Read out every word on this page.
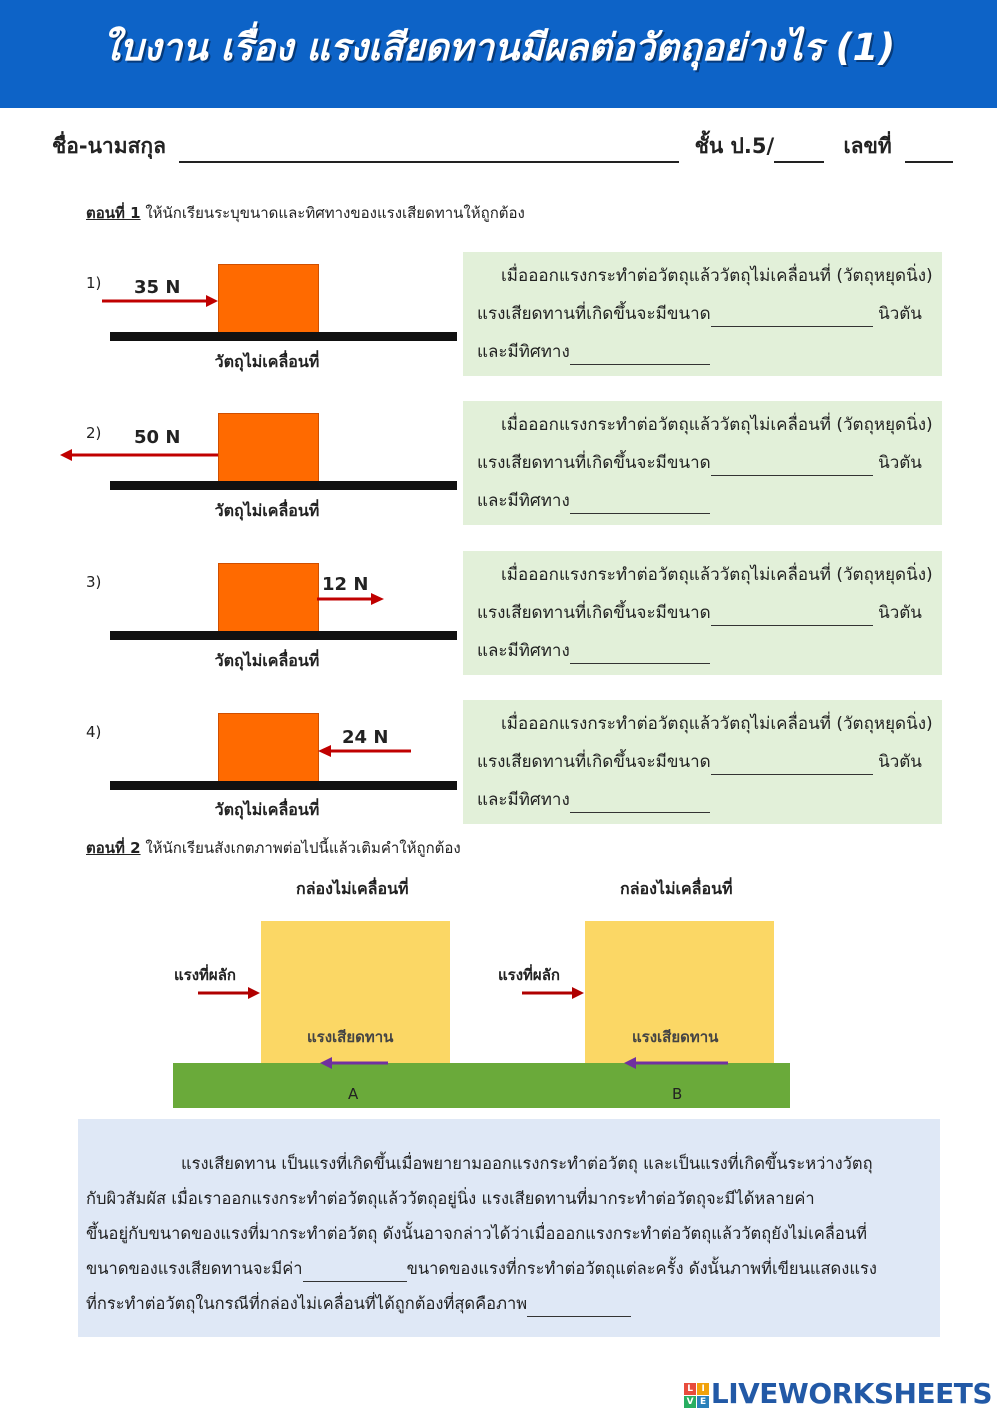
ใบงาน เรื่อง แรงเสียดทานมีผลต่อวัตถุอย่างไร (1)
ชื่อ-นามสกุล	ชั้น ป.5/	เลขที่
ตอนที่ 1 ให้นักเรียนระบุขนาดและทิศทางของแรงเสียดทานให้ถูกต้อง
1) 35 N
วัตถุไม่เคลื่อนที่
เมื่อออกแรงกระทำต่อวัตถุแล้ววัตถุไม่เคลื่อนที่ (วัตถุหยุดนิ่ง)
แรงเสียดทานที่เกิดขึ้นจะมีขนาด	นิวตัน
และมีทิศทาง
2) 50 N
วัตถุไม่เคลื่อนที่
เมื่อออกแรงกระทำต่อวัตถุแล้ววัตถุไม่เคลื่อนที่ (วัตถุหยุดนิ่ง)
แรงเสียดทานที่เกิดขึ้นจะมีขนาด	นิวตัน
และมีทิศทาง
3)	12 N
วัตถุไม่เคลื่อนที่
เมื่อออกแรงกระทำต่อวัตถุแล้ววัตถุไม่เคลื่อนที่ (วัตถุหยุดนิ่ง)
แรงเสียดทานที่เกิดขึ้นจะมีขนาด	นิวตัน
และมีทิศทาง
4)	24 N
วัตถุไม่เคลื่อนที่
เมื่อออกแรงกระทำต่อวัตถุแล้ววัตถุไม่เคลื่อนที่ (วัตถุหยุดนิ่ง)
แรงเสียดทานที่เกิดขึ้นจะมีขนาด	นิวตัน
และมีทิศทาง
ตอนที่ 2 ให้นักเรียนสังเกตภาพต่อไปนี้แล้วเติมคำให้ถูกต้อง
กล่องไม่เคลื่อนที่	กล่องไม่เคลื่อนที่
แรงที่ผลัก
แรงเสียดทาน
A
แรงที่ผลัก
แรงเสียดทาน
B
แรงเสียดทาน เป็นแรงที่เกิดขึ้นเมื่อพยายามออกแรงกระทำต่อวัตถุ และเป็นแรงที่เกิดขึ้นระหว่างวัตถุ
กับผิวสัมผัส เมื่อเราออกแรงกระทำต่อวัตถุแล้ววัตถุอยู่นิ่ง แรงเสียดทานที่มากระทำต่อวัตถุจะมีได้หลายค่า
ขึ้นอยู่กับขนาดของแรงที่มากระทำต่อวัตถุ ดังนั้นอาจกล่าวได้ว่าเมื่อออกแรงกระทำต่อวัตถุแล้ววัตถุยังไม่เคลื่อนที่
ขนาดของแรงเสียดทานจะมีค่า	ขนาดของแรงที่กระทำต่อวัตถุแต่ละครั้ง ดังนั้นภาพที่เขียนแสดงแรง
ที่กระทำต่อวัตถุในกรณีที่กล่องไม่เคลื่อนที่ได้ถูกต้องที่สุดคือภาพ
L I
V E LIVEWORKSHEETS
